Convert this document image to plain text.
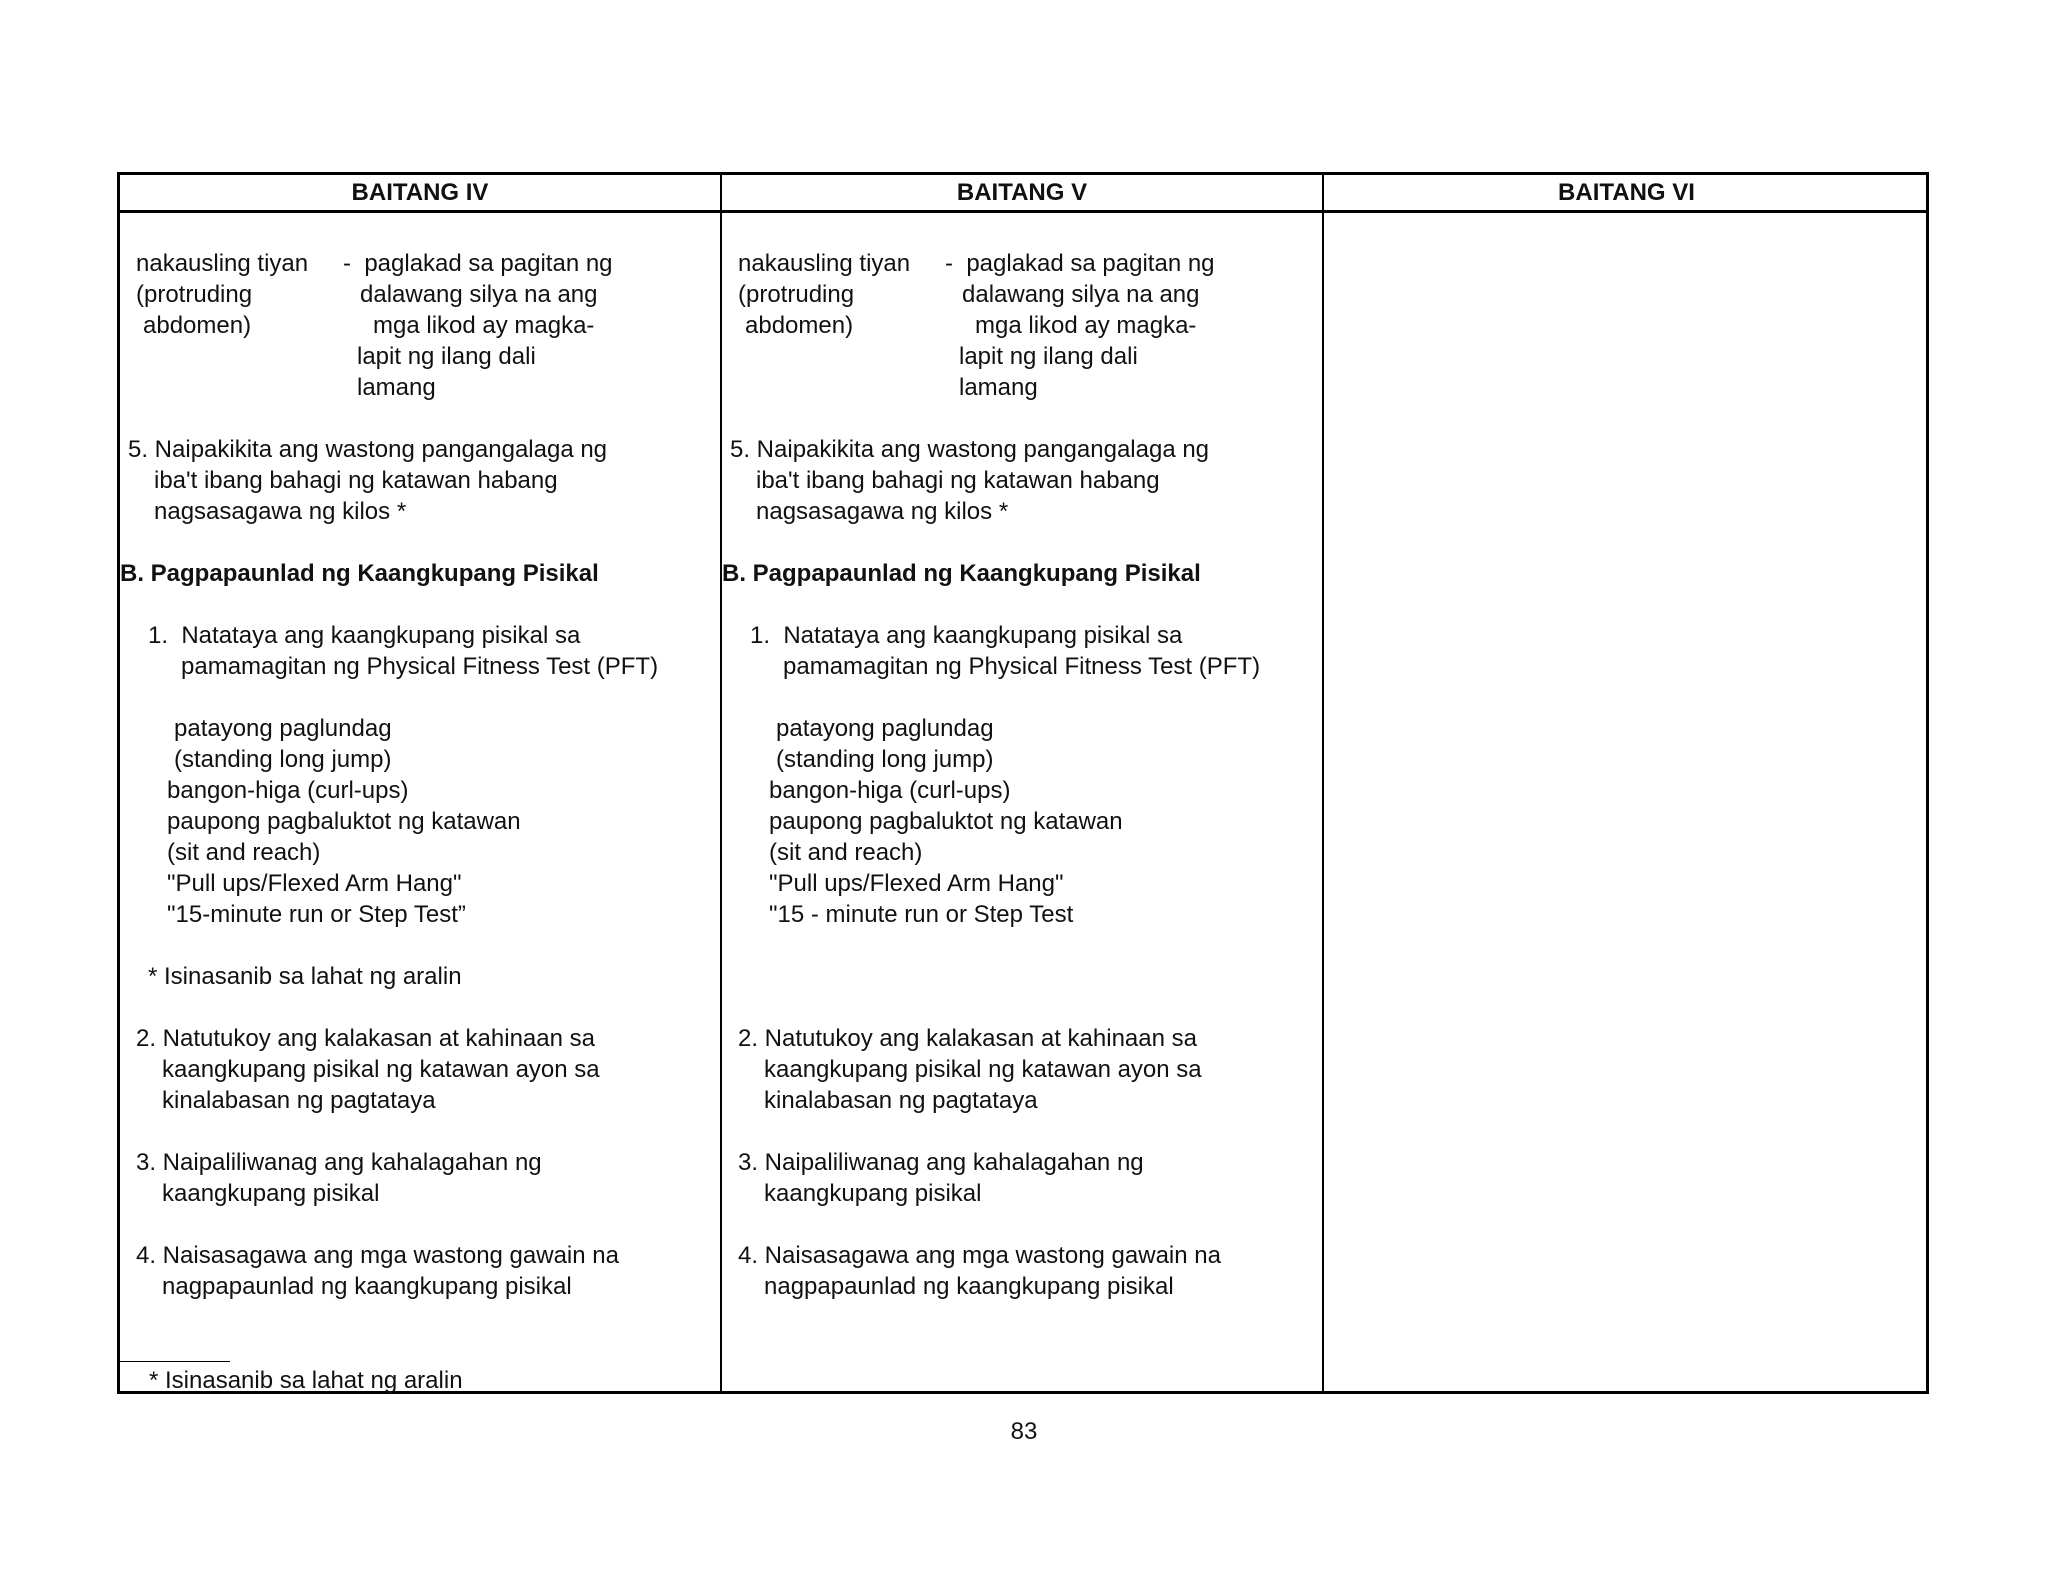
BAITANG IV	BAITANG V	BAITANG VI
nakausling tiyan
(protruding
abdomen)
-  paglakad sa pagitan ng
dalawang silya na ang
mga likod ay magka-
lapit ng ilang dali
lamang
5. Naipakikita ang wastong pangangalaga ng
iba't ibang bahagi ng katawan habang
nagsasagawa ng kilos *
B. Pagpapaunlad ng Kaangkupang Pisikal
1.  Natataya ang kaangkupang pisikal sa
pamamagitan ng Physical Fitness Test (PFT)
patayong paglundag
(standing long jump)
bangon-higa (curl-ups)
paupong pagbaluktot ng katawan
(sit and reach)
"Pull ups/Flexed Arm Hang"
"15-minute run or Step Test”
* Isinasanib sa lahat ng aralin
2. Natutukoy ang kalakasan at kahinaan sa
kaangkupang pisikal ng katawan ayon sa
kinalabasan ng pagtataya
3. Naipaliliwanag ang kahalagahan ng
kaangkupang pisikal
4. Naisasagawa ang mga wastong gawain na
nagpapaunlad ng kaangkupang pisikal
* Isinasanib sa lahat ng aralin
nakausling tiyan
(protruding
abdomen)
-  paglakad sa pagitan ng
dalawang silya na ang
mga likod ay magka-
lapit ng ilang dali
lamang
5. Naipakikita ang wastong pangangalaga ng
iba't ibang bahagi ng katawan habang
nagsasagawa ng kilos *
B. Pagpapaunlad ng Kaangkupang Pisikal
1.  Natataya ang kaangkupang pisikal sa
pamamagitan ng Physical Fitness Test (PFT)
patayong paglundag
(standing long jump)
bangon-higa (curl-ups)
paupong pagbaluktot ng katawan
(sit and reach)
"Pull ups/Flexed Arm Hang"
"15 - minute run or Step Test
2. Natutukoy ang kalakasan at kahinaan sa
kaangkupang pisikal ng katawan ayon sa
kinalabasan ng pagtataya
3. Naipaliliwanag ang kahalagahan ng
kaangkupang pisikal
4. Naisasagawa ang mga wastong gawain na
nagpapaunlad ng kaangkupang pisikal
83
